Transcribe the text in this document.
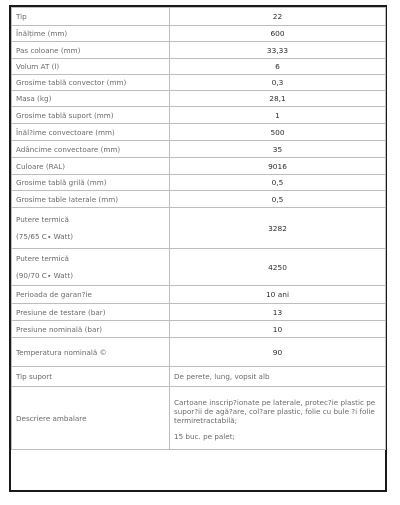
Tip	22
Înălțime (mm)	600
Pas coloane (mm)	33,33
Volum AT (l)	6
Grosime tablă convector (mm)	0,3
Masa (kg)	28,1
Grosime tablă suport (mm)	1
Înăl?ime convectoare (mm)	500
Adâncime convectoare (mm)	35
Culoare (RAL)	9016
Grosime tablă grilă (mm)	0,5
Grosime table laterale (mm)	0,5

Putere termică
(75/65 C∙ Watt)	3282

Putere termică
(90/70 C∙ Watt)	4250
Perioada de garan?ie	10 ani
Presiune de testare (bar)	13
Presiune nominală (bar)	10
Temperatura nominală ©	90
Tip suport	De perete, lung, vopsit alb
Descriere ambalare	Cartoane inscrip?ionate pe laterale, protec?ie plastic pe supor?ii de agă?are, col?are plastic, folie cu bule ?i folie termiretractabilă;
15 buc. pe palet;
